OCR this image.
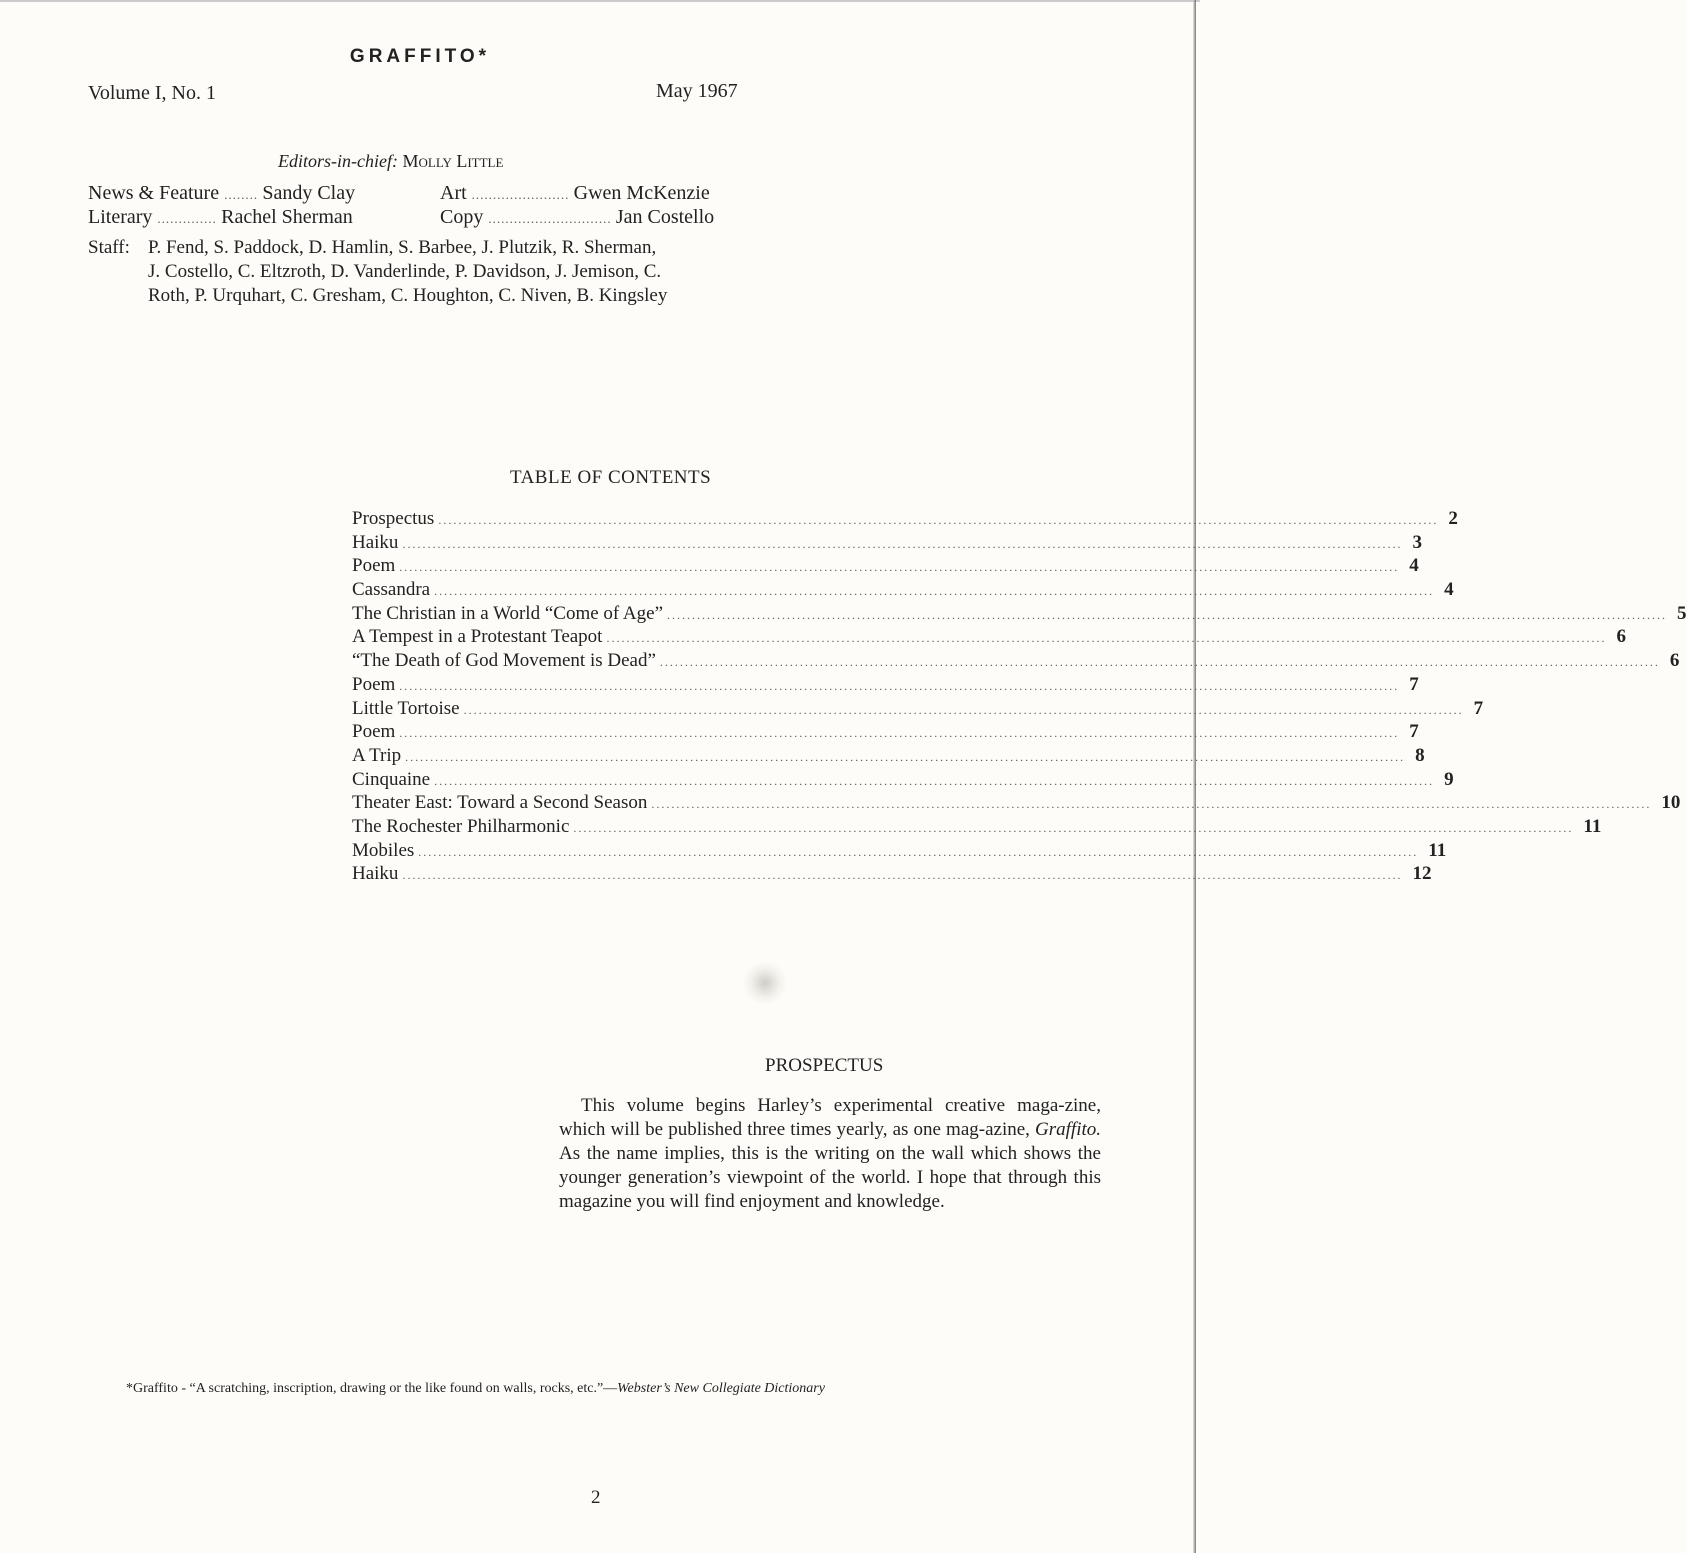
GRAFFITO*
Volume I, No. 1	May 1967
Editors-in-chief: Molly Little
News & Feature ........ Sandy Clay
Literary .............. Rachel Sherman
Art ....................... Gwen McKenzie
Copy ............................. Jan Costello
Staff: P. Fend, S. Paddock, D. Hamlin, S. Barbee, J. Plutzik, R. Sherman,
J. Costello, C. Eltzroth, D. Vanderlinde, P. Davidson, J. Jemison, C.
Roth, P. Urquhart, C. Gresham, C. Houghton, C. Niven, B. Kingsley
TABLE OF CONTENTS
Prospectus ........................................................................................................................................................................................................ 2
Haiku ........................................................................................................................................................................................................ 3
Poem ........................................................................................................................................................................................................ 4
Cassandra ........................................................................................................................................................................................................ 4
The Christian in a World “Come of Age” ........................................................................................................................................................................................................ 5
A Tempest in a Protestant Teapot ........................................................................................................................................................................................................ 6
“The Death of God Movement is Dead” ........................................................................................................................................................................................................ 6
Poem ........................................................................................................................................................................................................ 7
Little Tortoise ........................................................................................................................................................................................................ 7
Poem ........................................................................................................................................................................................................ 7
A Trip ........................................................................................................................................................................................................ 8
Cinquaine ........................................................................................................................................................................................................ 9
Theater East: Toward a Second Season ........................................................................................................................................................................................................ 10
The Rochester Philharmonic ........................................................................................................................................................................................................ 11
Mobiles ........................................................................................................................................................................................................ 11
Haiku ........................................................................................................................................................................................................ 12
PROSPECTUS
This volume begins Harley’s experimental creative maga-zine, which will be published three times yearly, as one mag-azine, Graffito. As the name implies, this is the writing on the wall which shows the younger generation’s viewpoint of the world. I hope that through this magazine you will find enjoyment and knowledge.
*Graffito - “A scratching, inscription, drawing or the like found on walls, rocks, etc.”—Webster’s New Collegiate Dictionary
2
